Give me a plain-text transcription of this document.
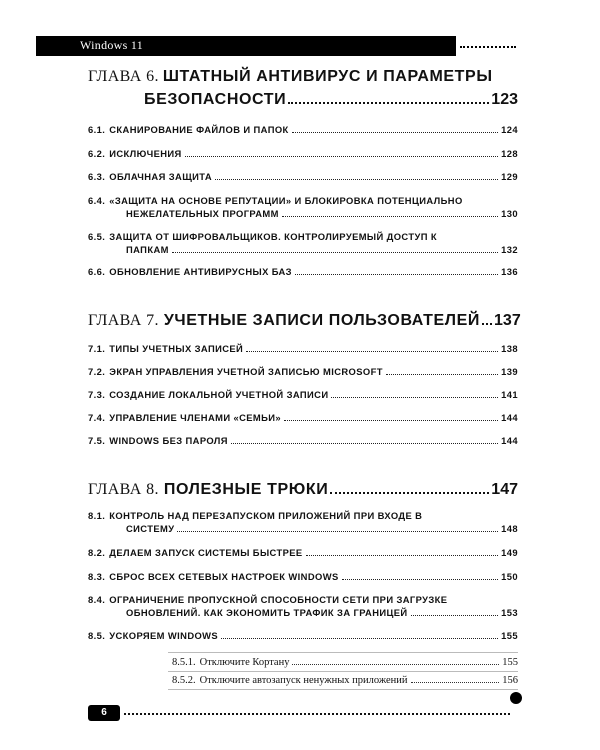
Windows 11
ГЛАВА 6. ШТАТНЫЙ АНТИВИРУС И ПАРАМЕТРЫ
БЕЗОПАСНОСТИ	123
6.1. СКАНИРОВАНИЕ ФАЙЛОВ И ПАПОК	124
6.2. ИСКЛЮЧЕНИЯ	128
6.3. ОБЛАЧНАЯ ЗАЩИТА	129
6.4. «ЗАЩИТА НА ОСНОВЕ РЕПУТАЦИИ» И БЛОКИРОВКА ПОТЕНЦИАЛЬНО
НЕЖЕЛАТЕЛЬНЫХ ПРОГРАММ	130
6.5. ЗАЩИТА ОТ ШИФРОВАЛЬЩИКОВ. КОНТРОЛИРУЕМЫЙ ДОСТУП К
ПАПКАМ	132
6.6. ОБНОВЛЕНИЕ АНТИВИРУСНЫХ БАЗ	136
ГЛАВА 7. УЧЕТНЫЕ ЗАПИСИ ПОЛЬЗОВАТЕЛЕЙ 137
7.1. ТИПЫ УЧЕТНЫХ ЗАПИСЕЙ	138
7.2. ЭКРАН УПРАВЛЕНИЯ УЧЕТНОЙ ЗАПИСЬЮ MICROSOFT	139
7.3. СОЗДАНИЕ ЛОКАЛЬНОЙ УЧЕТНОЙ ЗАПИСИ	141
7.4. УПРАВЛЕНИЕ ЧЛЕНАМИ «СЕМЬИ»	144
7.5. WINDOWS БЕЗ ПАРОЛЯ	144
ГЛАВА 8. ПОЛЕЗНЫЕ ТРЮКИ	147
8.1. КОНТРОЛЬ НАД ПЕРЕЗАПУСКОМ ПРИЛОЖЕНИЙ ПРИ ВХОДЕ В
СИСТЕМУ	148
8.2. ДЕЛАЕМ ЗАПУСК СИСТЕМЫ БЫСТРЕЕ	149
8.3. СБРОС ВСЕХ СЕТЕВЫХ НАСТРОЕК WINDOWS	150
8.4. ОГРАНИЧЕНИЕ ПРОПУСКНОЙ СПОСОБНОСТИ СЕТИ ПРИ ЗАГРУЗКЕ
ОБНОВЛЕНИЙ. КАК ЭКОНОМИТЬ ТРАФИК ЗА ГРАНИЦЕЙ	153
8.5. УСКОРЯЕМ WINDOWS	155
8.5.1. Отключите Кортану	155
8.5.2. Отключите автозапуск ненужных приложений	156
6
